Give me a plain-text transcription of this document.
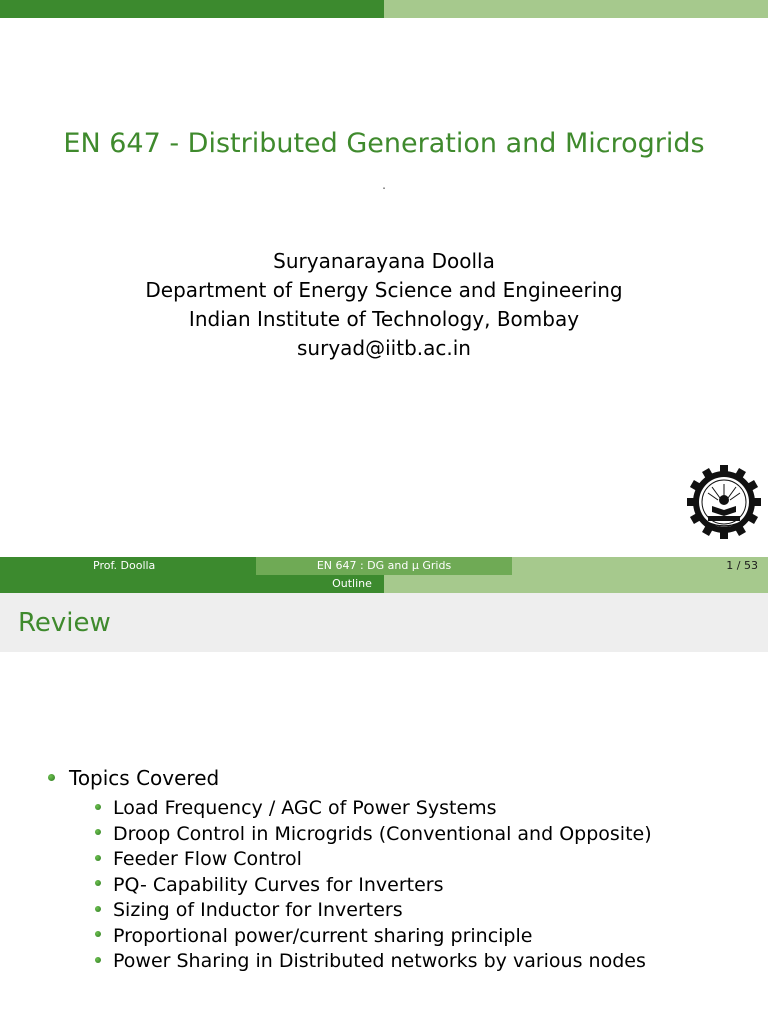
EN 647 - Distributed Generation and Microgrids
.
Suryanarayana Doolla
Department of Energy Science and Engineering
Indian Institute of Technology, Bombay
suryad@iitb.ac.in
Prof. Doolla	EN 647 : DG and μ Grids	1 / 53
Outline
Review
Topics Covered
Load Frequency / AGC of Power Systems
Droop Control in Microgrids (Conventional and Opposite)
Feeder Flow Control
PQ- Capability Curves for Inverters
Sizing of Inductor for Inverters
Proportional power/current sharing principle
Power Sharing in Distributed networks by various nodes
